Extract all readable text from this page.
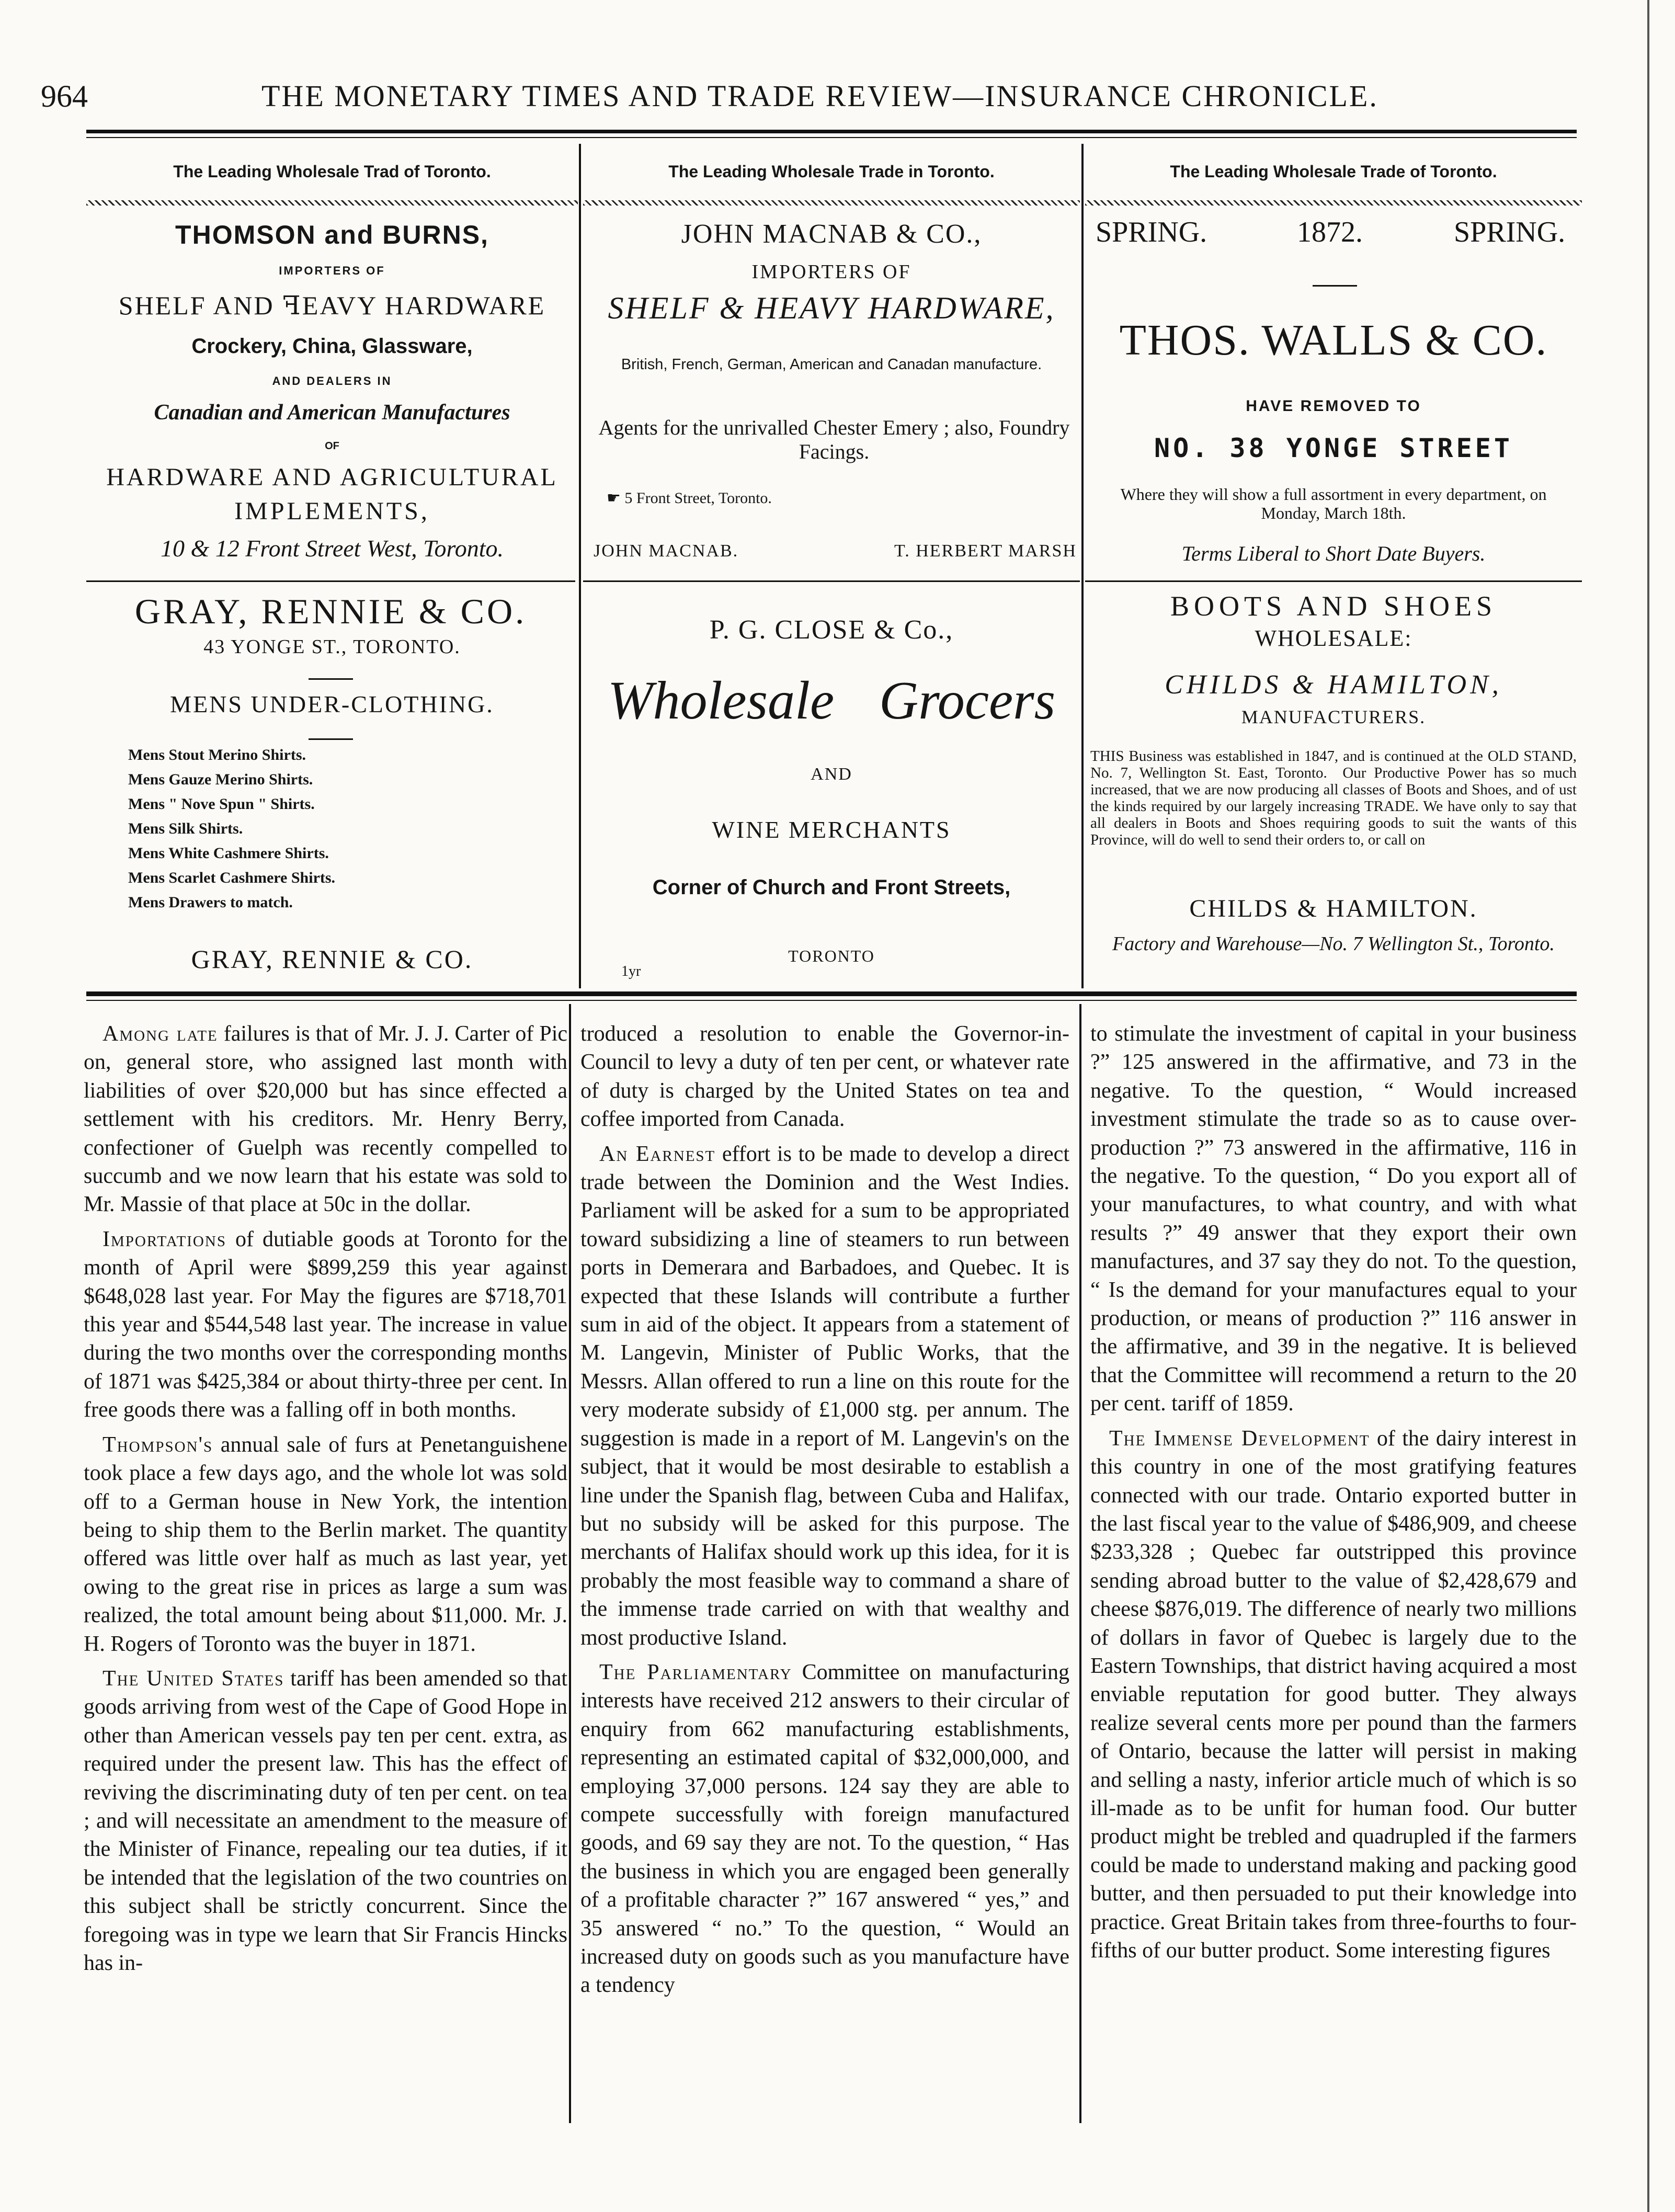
964	THE MONETARY TIMES AND TRADE REVIEW—INSURANCE CHRONICLE.
The Leading Wholesale Trad of Toronto.
THOMSON and BURNS,
IMPORTERS OF
SHELF AND ꟻEAVY HARDWARE
Crockery, China, Glassware,
AND DEALERS IN
Canadian and American Manufactures
OF
HARDWARE AND AGRICULTURAL
IMPLEMENTS,
10 & 12 Front Street West, Toronto.
GRAY, RENNIE & CO.
43 YONGE ST., TORONTO.
MENS UNDER-CLOTHING.
Mens Stout Merino Shirts.
Mens Gauze Merino Shirts.
Mens " Nove Spun " Shirts.
Mens Silk Shirts.
Mens White Cashmere Shirts.
Mens Scarlet Cashmere Shirts.
Mens Drawers to match.
GRAY, RENNIE & CO.
The Leading Wholesale Trade in Toronto.
JOHN MACNAB & CO.,
IMPORTERS OF
SHELF & HEAVY HARDWARE,
British, French, German, American and Canadan manufacture.
Agents for the unrivalled Chester Emery ; also, Foundry Facings.
☛ 5 Front Street, Toronto.
JOHN MACNAB.	T. HERBERT MARSH
P. G. CLOSE & Co.,
Wholesale Grocers
AND
WINE MERCHANTS
Corner of Church and Front Streets,
TORONTO
1yr
The Leading Wholesale Trade of Toronto.
SPRING.	1872.	SPRING.
THOS. WALLS & CO.
HAVE REMOVED TO
NO. 38 YONGE STREET
Where they will show a full assortment in every department, on Monday, March 18th.
Terms Liberal to Short Date Buyers.
BOOTS AND SHOES
WHOLESALE:
CHILDS & HAMILTON,
MANUFACTURERS.
THIS Business was established in 1847, and is continued at the OLD STAND, No. 7, Wellington St. East, Toronto.  Our Productive Power has so much increased, that we are now producing all classes of Boots and Shoes, and of ust the kinds required by our largely increasing TRADE. We have only to say that all dealers in Boots and Shoes requiring goods to suit the wants of this Province, will do well to send their orders to, or call on
CHILDS & HAMILTON.
Factory and Warehouse—No. 7 Wellington St., Toronto.

Among late failures is that of Mr. J. J. Carter of Pic on, general store, who assigned last month with liabilities of over $20,000 but has since effected a settlement with his creditors. Mr. Henry Berry, confectioner of Guelph was recently compelled to succumb and we now learn that his estate was sold to Mr. Massie of that place at 50c in the dollar.

Importations of dutiable goods at Toronto for the month of April were $899,259 this year against $648,028 last year. For May the figures are $718,701 this year and $544,548 last year. The increase in value during the two months over the corresponding months of 1871 was $425,384 or about thirty-three per cent. In free goods there was a falling off in both months.

Thompson's annual sale of furs at Penetanguishene took place a few days ago, and the whole lot was sold off to a German house in New York, the intention being to ship them to the Berlin market. The quantity offered was little over half as much as last year, yet owing to the great rise in prices as large a sum was realized, the total amount being about $11,000. Mr. J. H. Rogers of Toronto was the buyer in 1871.

The United States tariff has been amended so that goods arriving from west of the Cape of Good Hope in other than American vessels pay ten per cent. extra, as required under the present law. This has the effect of reviving the discriminating duty of ten per cent. on tea ; and will necessitate an amendment to the measure of the Minister of Finance, repealing our tea duties, if it be intended that the legislation of the two countries on this subject shall be strictly concurrent. Since the foregoing was in type we learn that Sir Francis Hincks has in-

troduced a resolution to enable the Governor-in-Council to levy a duty of ten per cent, or whatever rate of duty is charged by the United States on tea and coffee imported from Canada.

An Earnest effort is to be made to develop a direct trade between the Dominion and the West Indies. Parliament will be asked for a sum to be appropriated toward subsidizing a line of steamers to run between ports in Demerara and Barbadoes, and Quebec. It is expected that these Islands will contribute a further sum in aid of the object. It appears from a statement of M. Langevin, Minister of Public Works, that the Messrs. Allan offered to run a line on this route for the very moderate subsidy of £1,000 stg. per annum. The suggestion is made in a report of M. Langevin's on the subject, that it would be most desirable to establish a line under the Spanish flag, between Cuba and Halifax, but no subsidy will be asked for this purpose. The merchants of Halifax should work up this idea, for it is probably the most feasible way to command a share of the immense trade carried on with that wealthy and most productive Island.

The Parliamentary Committee on manufacturing interests have received 212 answers to their circular of enquiry from 662 manufacturing establishments, representing an estimated capital of $32,000,000, and employing 37,000 persons. 124 say they are able to compete successfully with foreign manufactured goods, and 69 say they are not. To the question, “ Has the business in which you are engaged been generally of a profitable character ?” 167 answered “ yes,” and 35 answered “ no.” To the question, “ Would an increased duty on goods such as you manufacture have a tendency

to stimulate the investment of capital in your business ?” 125 answered in the affirmative, and 73 in the negative. To the question, “ Would increased investment stimulate the trade so as to cause over-production ?” 73 answered in the affirmative, 116 in the negative. To the question, “ Do you export all of your manufactures, to what country, and with what results ?” 49 answer that they export their own manufactures, and 37 say they do not. To the question, “ Is the demand for your manufactures equal to your production, or means of production ?” 116 answer in the affirmative, and 39 in the negative. It is believed that the Committee will recommend a return to the 20 per cent. tariff of 1859.

The Immense Development of the dairy interest in this country in one of the most gratifying features connected with our trade. Ontario exported butter in the last fiscal year to the value of $486,909, and cheese $233,328 ; Quebec far outstripped this province sending abroad butter to the value of $2,428,679 and cheese $876,019. The difference of nearly two millions of dollars in favor of Quebec is largely due to the Eastern Townships, that district having acquired a most enviable reputation for good butter. They always realize several cents more per pound than the farmers of Ontario, because the latter will persist in making and selling a nasty, inferior article much of which is so ill-made as to be unfit for human food. Our butter product might be trebled and quadrupled if the farmers could be made to understand making and packing good butter, and then persuaded to put their knowledge into practice. Great Britain takes from three-fourths to four-fifths of our butter product. Some interesting figures
